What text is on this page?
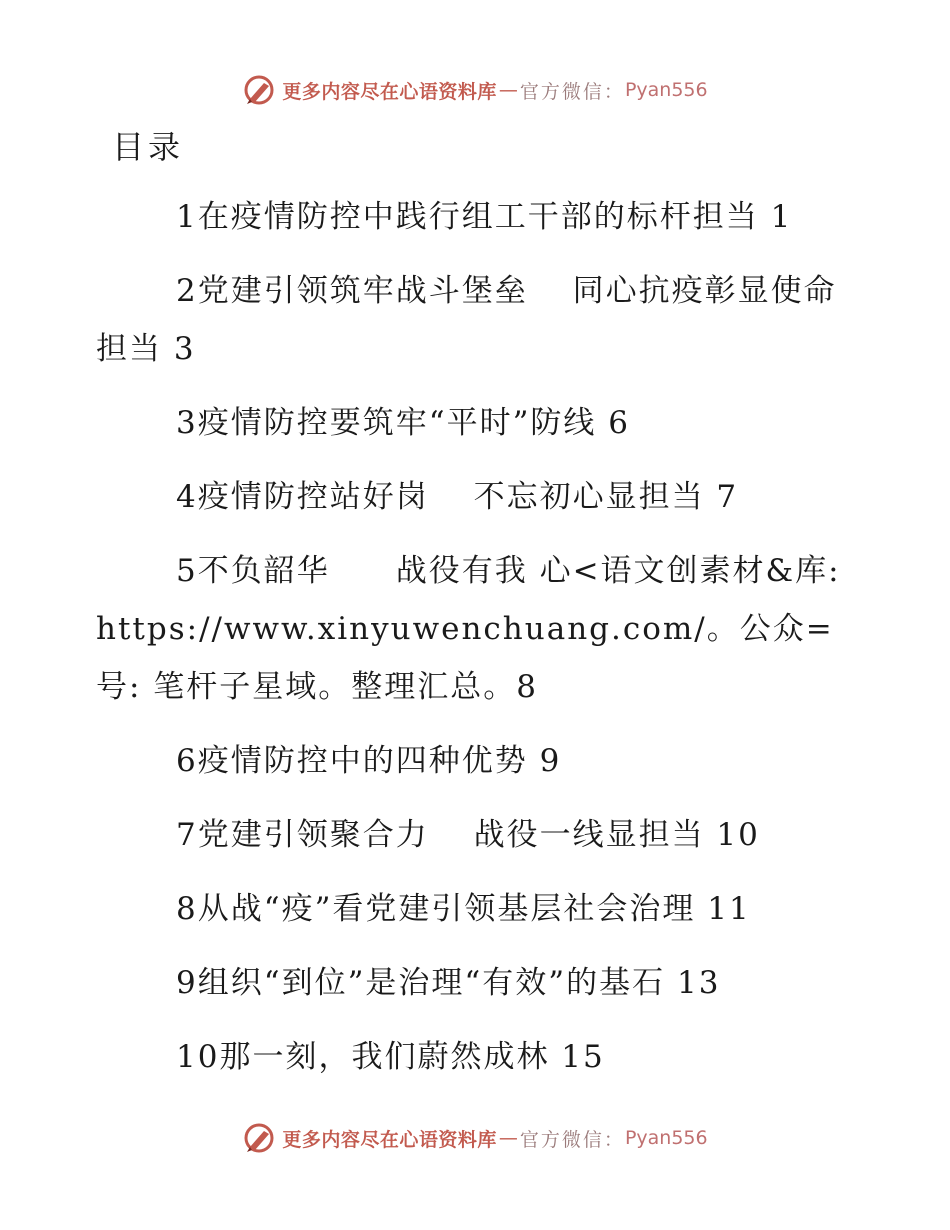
更多内容尽在心语资料库 — 官方微信： Pyan556
目录
1在疫情防控中践行组工干部的标杆担当 1
2党建引领筑牢战斗堡垒　 同心抗疫彰显使命担当 3
3疫情防控要筑牢“平时”防线 6
4疫情防控站好岗　 不忘初心显担当 7
5不负韶华　　战役有我 心<语文创素材&库: https://www.xinyuwenchuang.com/。公众=号: 笔杆子星域。整理汇总。8
6疫情防控中的四种优势 9
7党建引领聚合力　 战役一线显担当 10
8从战“疫”看党建引领基层社会治理 11
9组织“到位”是治理“有效”的基石 13
10那一刻，我们蔚然成林 15
更多内容尽在心语资料库 — 官方微信： Pyan556
